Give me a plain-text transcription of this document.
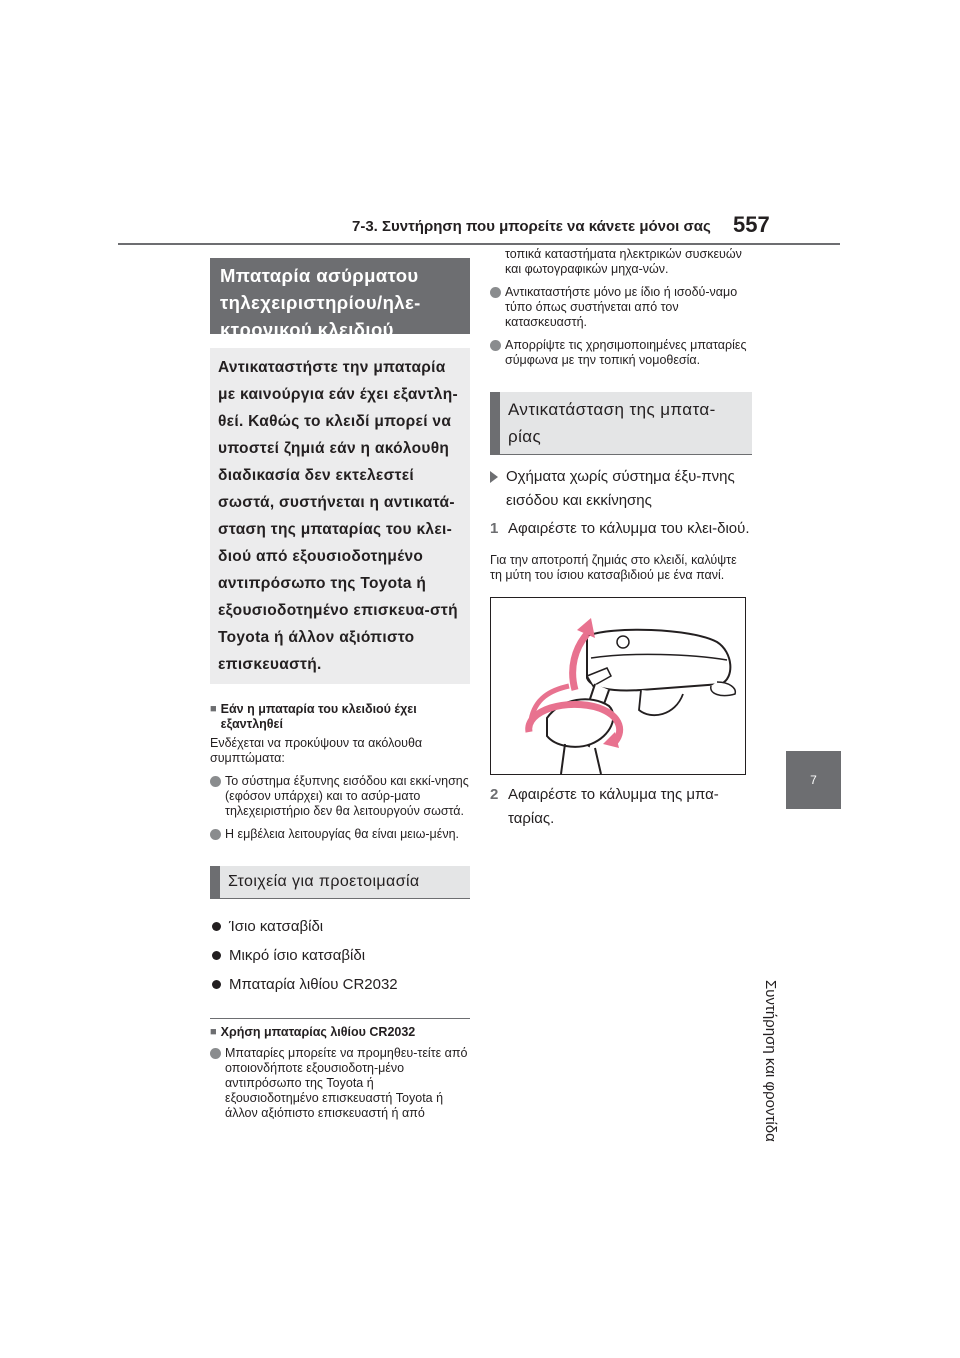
7-3. Συντήρηση που μπορείτε να κάνετε μόνοι σας 557
7
Συντήρηση και φροντίδα
Μπαταρία ασύρματου τηλεχειριστηρίου/ηλε-κτρονικού κλειδιού
Αντικαταστήστε την μπαταρία με καινούργια εάν έχει εξαντλη-θεί. Καθώς το κλειδί μπορεί να υποστεί ζημιά εάν η ακόλουθη διαδικασία δεν εκτελεστεί σωστά, συστήνεται η αντικατά-σταση της μπαταρίας του κλει-διού από εξουσιοδοτημένο αντιπρόσωπο της Toyota ή εξουσιοδοτημένο επισκευα-στή Toyota ή άλλον αξιόπιστο επισκευαστή.
■ Εάν η μπαταρία του κλειδιού έχει εξαντληθεί
Ενδέχεται να προκύψουν τα ακόλουθα συμπτώματα:
Το σύστημα έξυπνης εισόδου και εκκί-νησης (εφόσον υπάρχει) και το ασύρ-ματο τηλεχειριστήριο δεν θα λειτουργούν σωστά.
Η εμβέλεια λειτουργίας θα είναι μειω-μένη.
Στοιχεία για προετοιμασία
Ίσιο κατσαβίδι
Μικρό ίσιο κατσαβίδι
Μπαταρία λιθίου CR2032
■ Χρήση μπαταρίας λιθίου CR2032
Μπαταρίες μπορείτε να προμηθευ-τείτε από οποιονδήποτε εξουσιοδοτη-μένο αντιπρόσωπο της Toyota ή εξουσιοδοτημένο επισκευαστή Toyota ή άλλον αξιόπιστο επισκευαστή ή από
τοπικά καταστήματα ηλεκτρικών συσκευών και φωτογραφικών μηχα-νών.
Αντικαταστήστε μόνο με ίδιο ή ισοδύ-ναμο τύπο όπως συστήνεται από τον κατασκευαστή.
Απορρίψτε τις χρησιμοποιημένες μπαταρίες σύμφωνα με την τοπική νομοθεσία.
Αντικατάσταση της μπατα-ρίας
Οχήματα χωρίς σύστημα έξυ-πνης εισόδου και εκκίνησης
1 Αφαιρέστε το κάλυμμα του κλει-διού.
Για την αποτροπή ζημιάς στο κλειδί, καλύψτε τη μύτη του ίσιου κατσαβιδιού με ένα πανί.
2 Αφαιρέστε το κάλυμμα της μπα-ταρίας.
